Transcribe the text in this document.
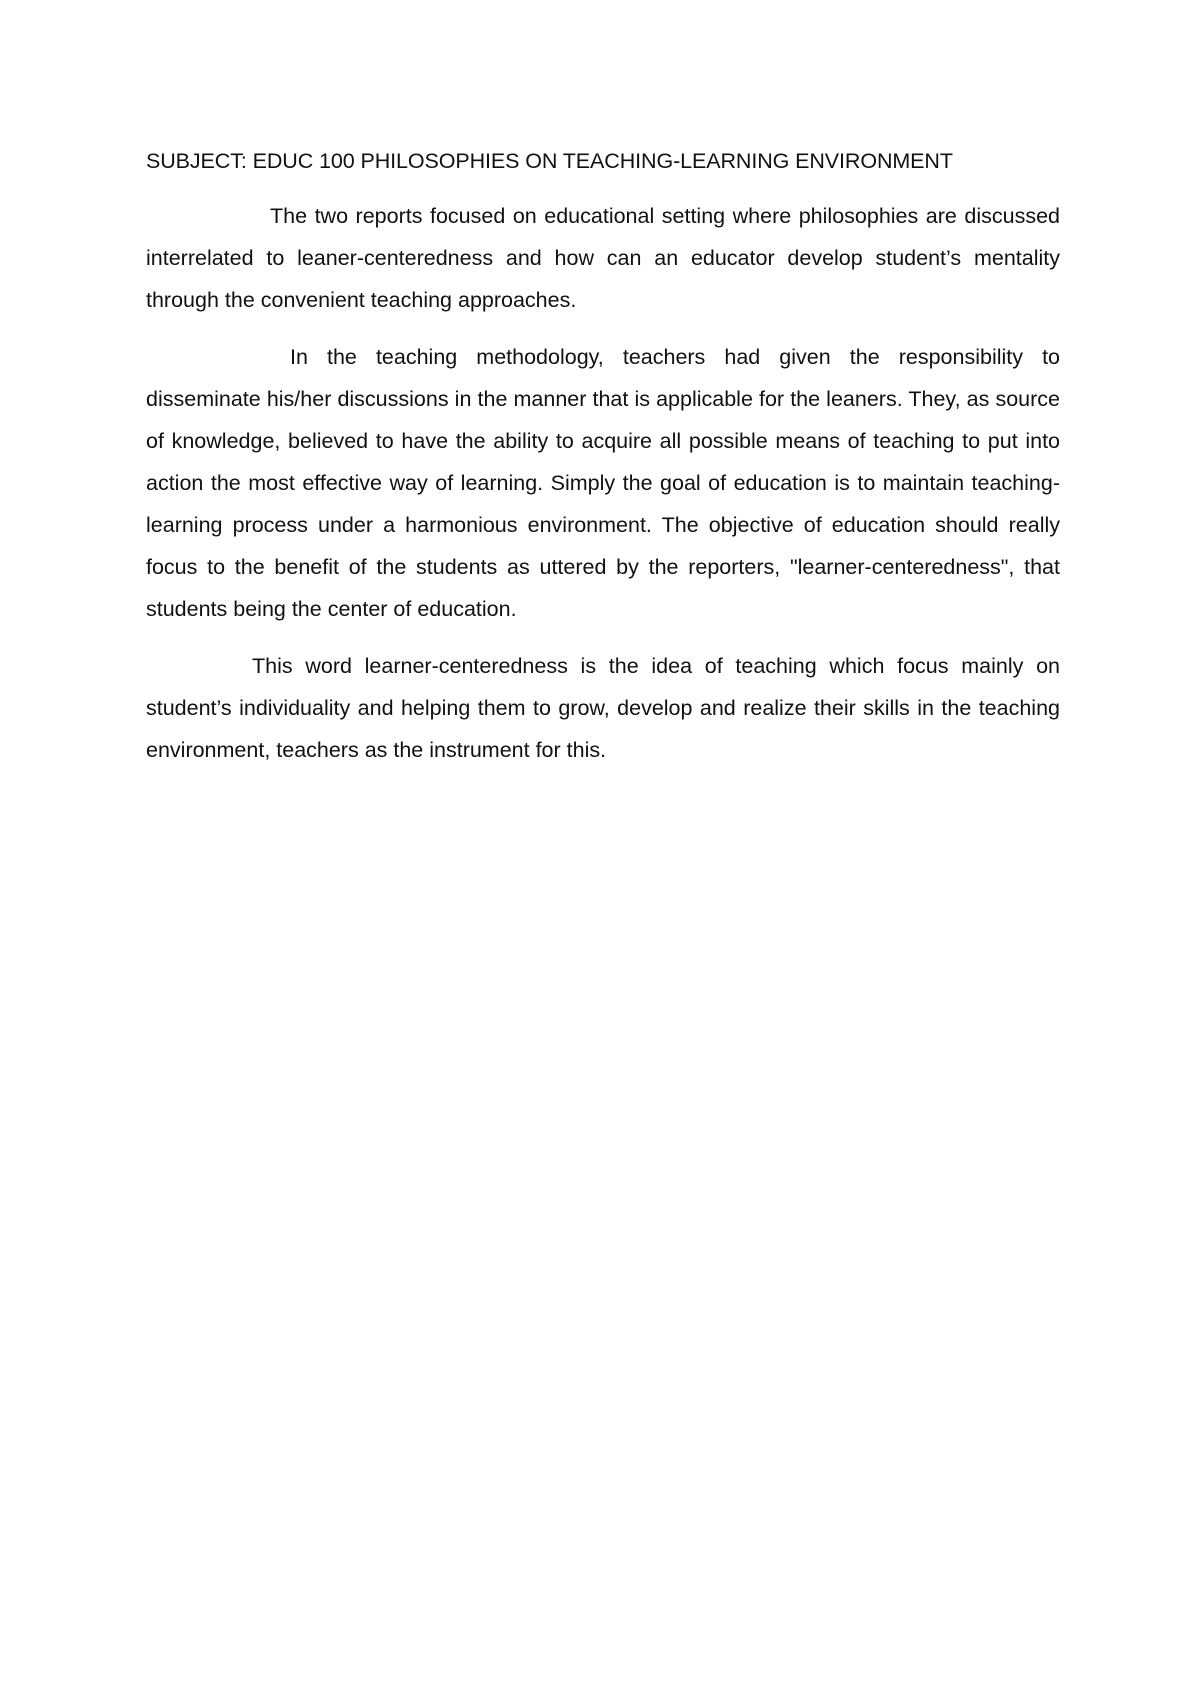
SUBJECT: EDUC 100 PHILOSOPHIES ON TEACHING-LEARNING ENVIRONMENT

The two reports focused on educational setting where philosophies are discussed interrelated to leaner-centeredness and how can an educator develop student’s mentality through the convenient teaching approaches.

In the teaching methodology, teachers had given the responsibility to disseminate his/her discussions in the manner that is applicable for the leaners. They, as source of knowledge, believed to have the ability to acquire all possible means of teaching to put into action the most effective way of learning. Simply the goal of education is to maintain teaching-learning process under a harmonious environment. The objective of education should really focus to the benefit of the students as uttered by the reporters, "learner-centeredness", that students being the center of education.

This word learner-centeredness is the idea of teaching which focus mainly on student’s individuality and helping them to grow, develop and realize their skills in the teaching environment, teachers as the instrument for this.
